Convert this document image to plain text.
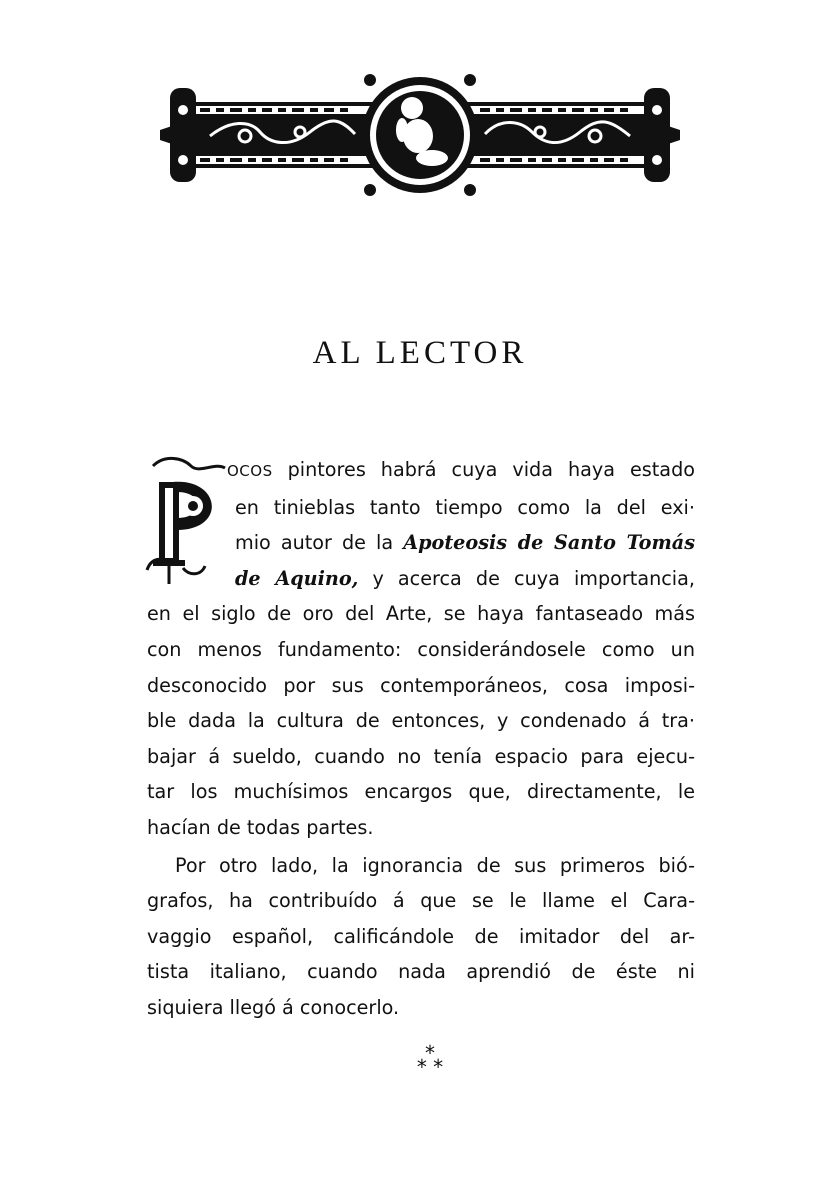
AL LECTOR
OCOS pintores habrá cuya vida haya estado
en tinieblas tanto tiempo como la del exi·
mio autor de la Apoteosis de Santo Tomás
de Aquino, y acerca de cuya importancia,
en el siglo de oro del Arte, se haya fantaseado más
con menos fundamento: considerándosele como un
desconocido por sus contemporáneos, cosa imposi-
ble dada la cultura de entonces, y condenado á tra·
bajar á sueldo, cuando no tenía espacio para ejecu-
tar los muchísimos encargos que, directamente, le
hacían de todas partes.
Por otro lado, la ignorancia de sus primeros bió-
grafos, ha contribuído á que se le llame el Cara-
vaggio español, calificándole de imitador del ar-
tista italiano, cuando nada aprendió de éste ni
siquiera llegó á conocerlo.
*
* *
